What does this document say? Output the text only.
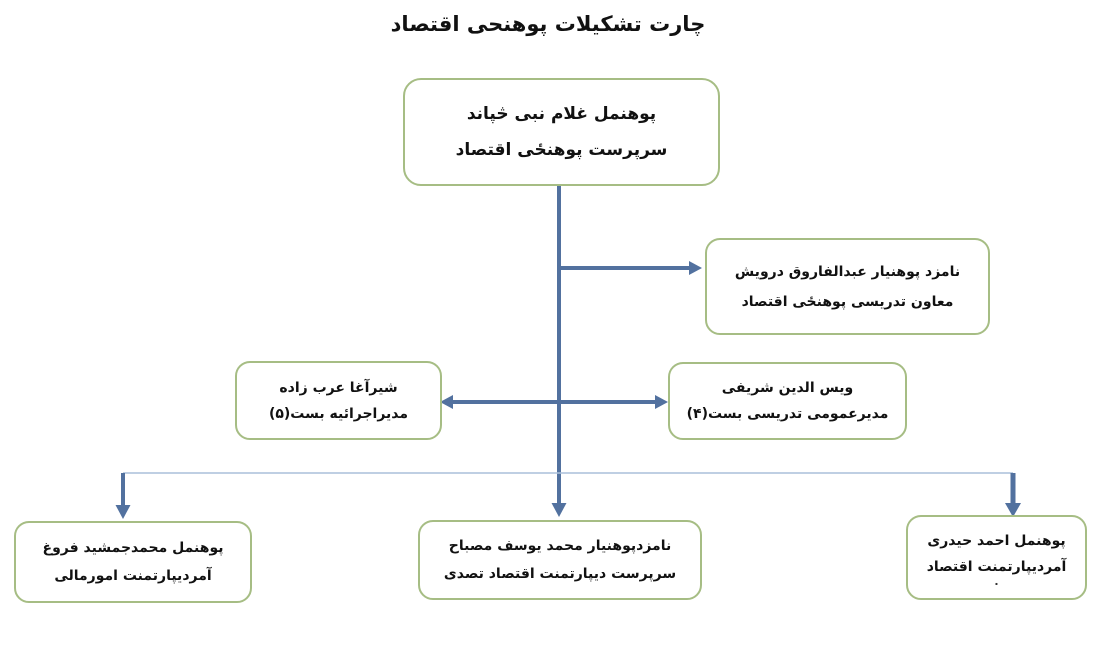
چارت تشکیلات پوهنحی اقتصاد
پوهنمل غلام نبی څپاند
سرپرست پوهنځی اقتصاد
نامزد پوهنیار عبدالفاروق درویش
معاون تدریسی پوهنځی اقتصاد
شیرآغا عرب زاده
مدیراجرائیه بست(۵)
ویس الدین شریفی
مدیرعمومی تدریسی بست(۴)
پوهنمل محمدجمشید فروغ
آمردیپارتمنت امورمالی
نامزدپوهنیار محمد یوسف مصباح
سرپرست دیپارتمنت اقتصاد تصدی
پوهنمل احمد حیدری
آمردیپارتمنت اقتصاد
.
